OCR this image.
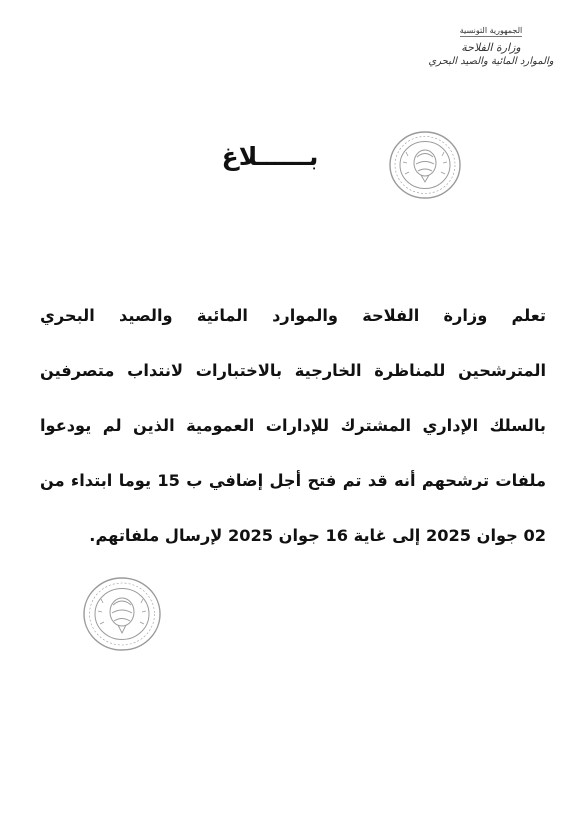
الجمهورية التونسية
وزارة الفلاحة
والموارد المائية والصيد البحري
بــــــلاغ
تعلم وزارة الفلاحة والموارد المائية والصيد البحري
المترشحين للمناظرة الخارجية بالاختبارات لانتداب متصرفين
بالسلك الإداري المشترك للإدارات العمومية الذين لم يودعوا
ملفات ترشحهم أنه قد تم فتح أجل إضافي ب 15 يوما ابتداء من
02 جوان 2025 إلى غاية 16 جوان 2025 لإرسال ملفاتهم.
